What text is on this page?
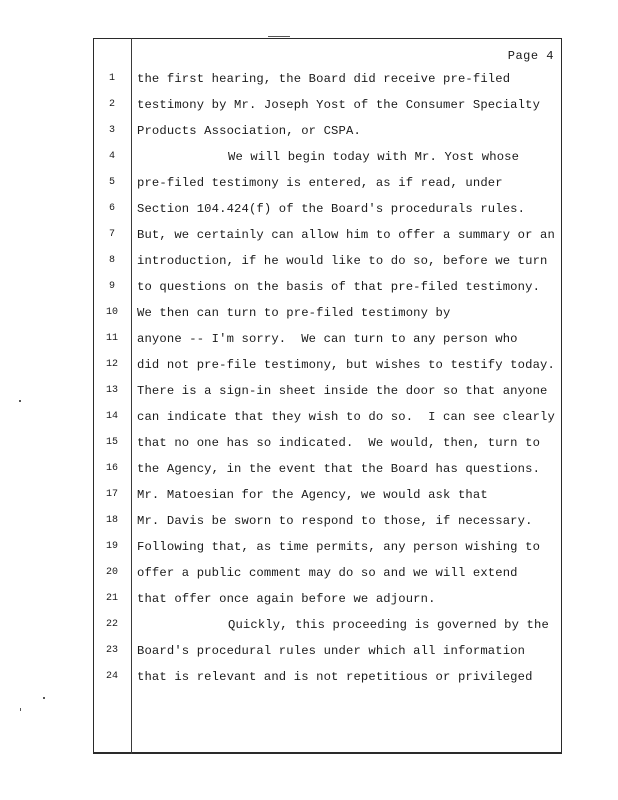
Page 4
1	the first hearing, the Board did receive pre-filed
2	testimony by Mr. Joseph Yost of the Consumer Specialty
3	Products Association, or CSPA.
4	We will begin today with Mr. Yost whose
5	pre-filed testimony is entered, as if read, under
6	Section 104.424(f) of the Board's procedurals rules.
7	But, we certainly can allow him to offer a summary or an
8	introduction, if he would like to do so, before we turn
9	to questions on the basis of that pre-filed testimony.
10	We then can turn to pre-filed testimony by
11	anyone -- I'm sorry.  We can turn to any person who
12	did not pre-file testimony, but wishes to testify today.
13	There is a sign-in sheet inside the door so that anyone
14	can indicate that they wish to do so.  I can see clearly
15	that no one has so indicated.  We would, then, turn to
16	the Agency, in the event that the Board has questions.
17	Mr. Matoesian for the Agency, we would ask that
18	Mr. Davis be sworn to respond to those, if necessary.
19	Following that, as time permits, any person wishing to
20	offer a public comment may do so and we will extend
21	that offer once again before we adjourn.
22	Quickly, this proceeding is governed by the
23	Board's procedural rules under which all information
24	that is relevant and is not repetitious or privileged
